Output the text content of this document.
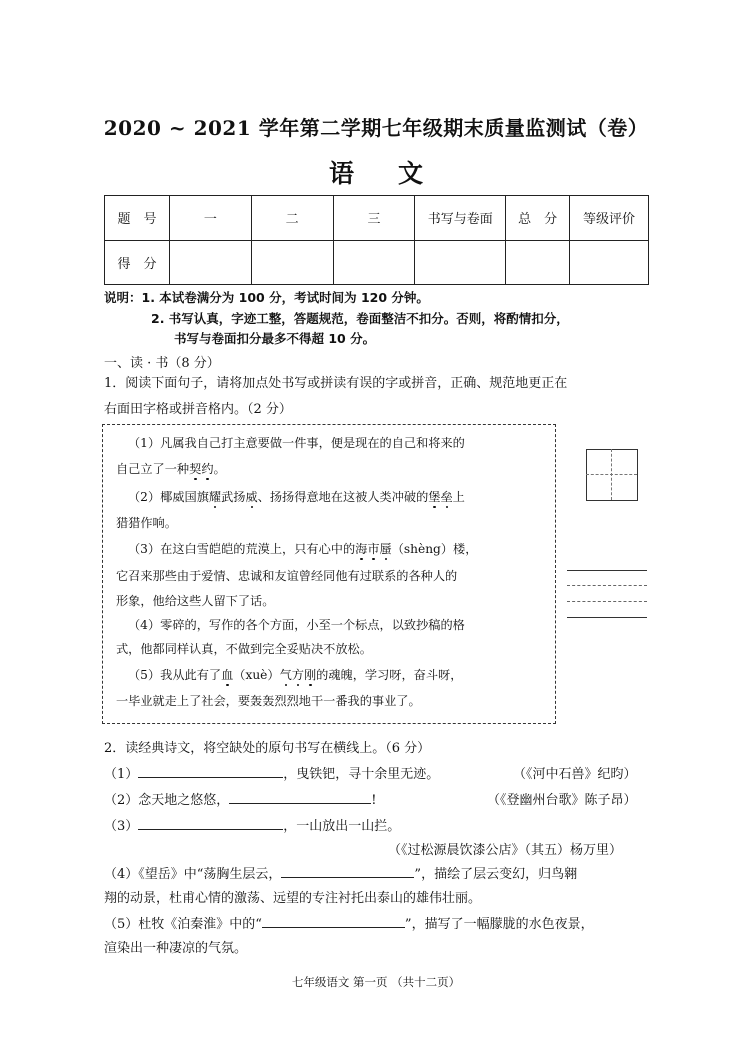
2020 ~ 2021 学年第二学期七年级期末质量监测试（卷）
语 文
题　号	一	二	三	书写与卷面	总　分	等级评价
得　分						
说明：1. 本试卷满分为 100 分，考试时间为 120 分钟。
2. 书写认真，字迹工整，答题规范，卷面整洁不扣分。否则，将酌情扣分，
书写与卷面扣分最多不得超 10 分。
一、读 · 书（8 分）
1．阅读下面句子，请将加点处书写或拼读有误的字或拼音，正确、规范地更正在
右面田字格或拼音格内。（2 分）
（1）凡属我自己打主意要做一件事，便是现在的自己和将来的
自己立了一种契约。
（2）椰威国旗耀武扬威、扬扬得意地在这被人类冲破的堡垒上
猎猎作响。
（3）在这白雪皑皑的荒漠上，只有心中的海市蜃（shèng）楼，
它召来那些由于爱情、忠诚和友谊曾经同他有过联系的各种人的
形象，他给这些人留下了话。
（4）零碎的，写作的各个方面，小至一个标点，以致抄稿的格
式，他都同样认真，不做到完全妥贴决不放松。
（5）我从此有了血（xuè）气方刚的魂魄，学习呀，奋斗呀，
一毕业就走上了社会，要轰轰烈烈地干一番我的事业了。
2．读经典诗文，将空缺处的原句书写在横线上。（6 分）
（1）	，曳铁钯，寻十余里无迹。	（《河中石兽》纪昀）
（2）念天地之悠悠，	!	（《登幽州台歌》陈子昂）
（3）	，一山放出一山拦。
（《过松源晨饮漆公店》（其五）杨万里）
（4）《望岳》中“荡胸生层云，	”，描绘了层云变幻，归鸟翱
翔的动景，杜甫心情的激荡、远望的专注衬托出泰山的雄伟壮丽。
（5）杜牧《泊秦淮》中的“	”，描写了一幅朦胧的水色夜景，
渲染出一种凄凉的气氛。
七年级语文 第一页 （共十二页）
